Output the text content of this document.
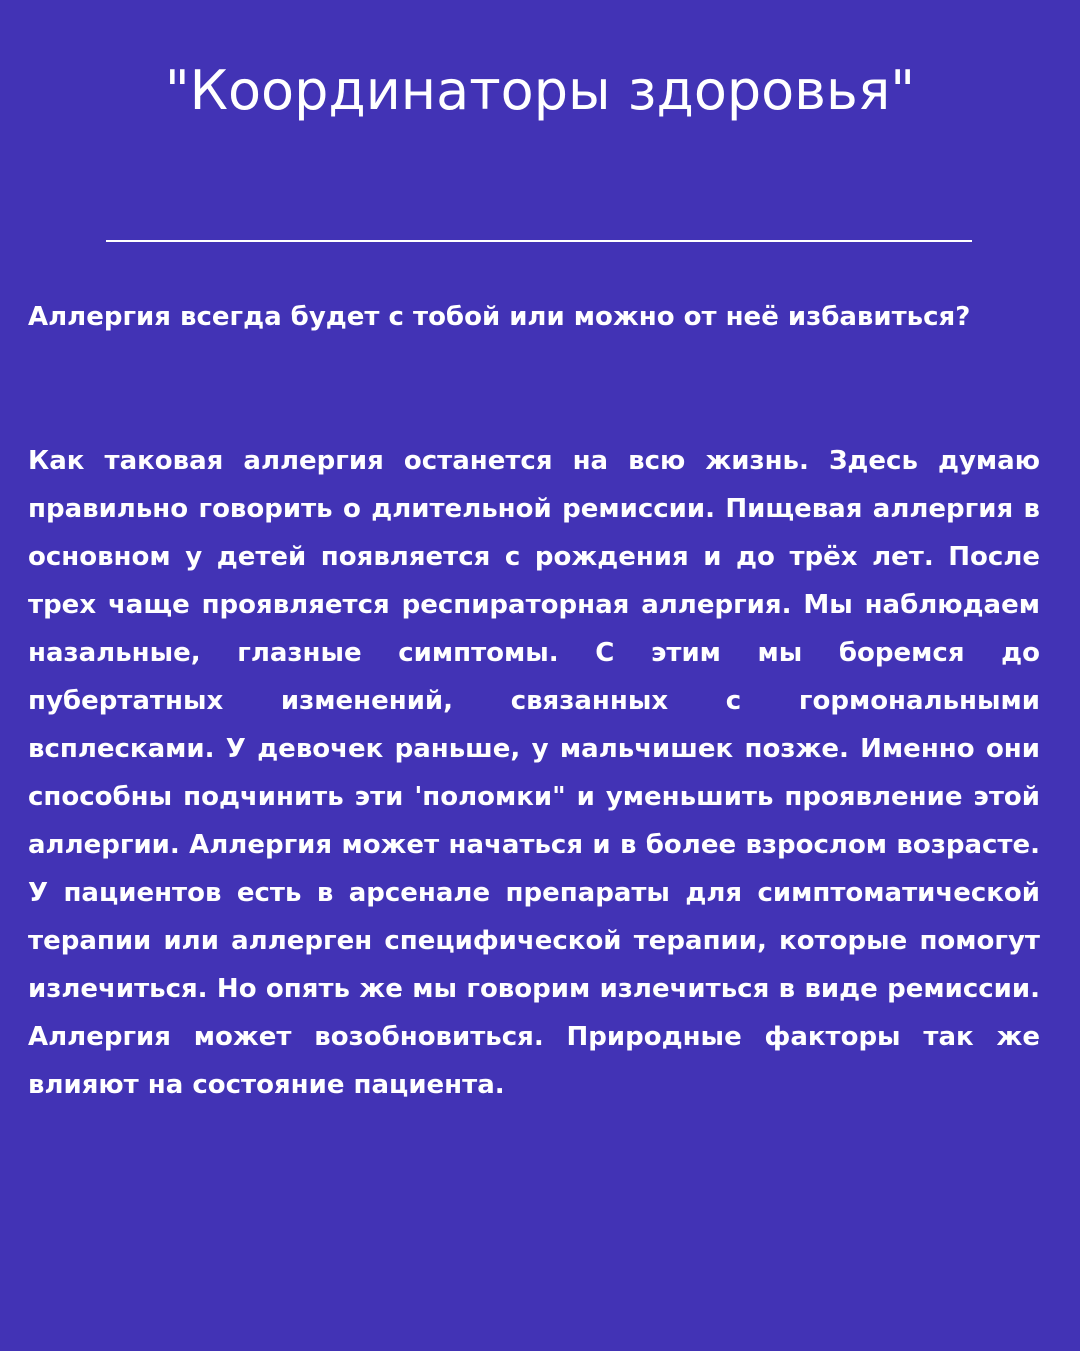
"Координаторы здоровья"

Аллергия всегда будет с тобой или можно от неё избавиться?

Как таковая аллергия останется на всю жизнь. Здесь думаю правильно говорить о длительной ремиссии. Пищевая аллергия в основном у детей появляется с рождения и до трёх лет. После трех чаще проявляется респираторная аллергия. Мы наблюдаем назальные, глазные симптомы. С этим мы боремся до пубертатных изменений, связанных с гормональными всплесками. У девочек раньше, у мальчишек позже. Именно они способны подчинить эти 'поломки" и уменьшить проявление этой аллергии. Аллергия может начаться и в более взрослом возрасте. У пациентов есть в арсенале препараты для симптоматической терапии или аллерген специфической терапии, которые помогут излечиться. Но опять же мы говорим излечиться в виде ремиссии. Аллергия может возобновиться. Природные факторы так же влияют на состояние пациента.
